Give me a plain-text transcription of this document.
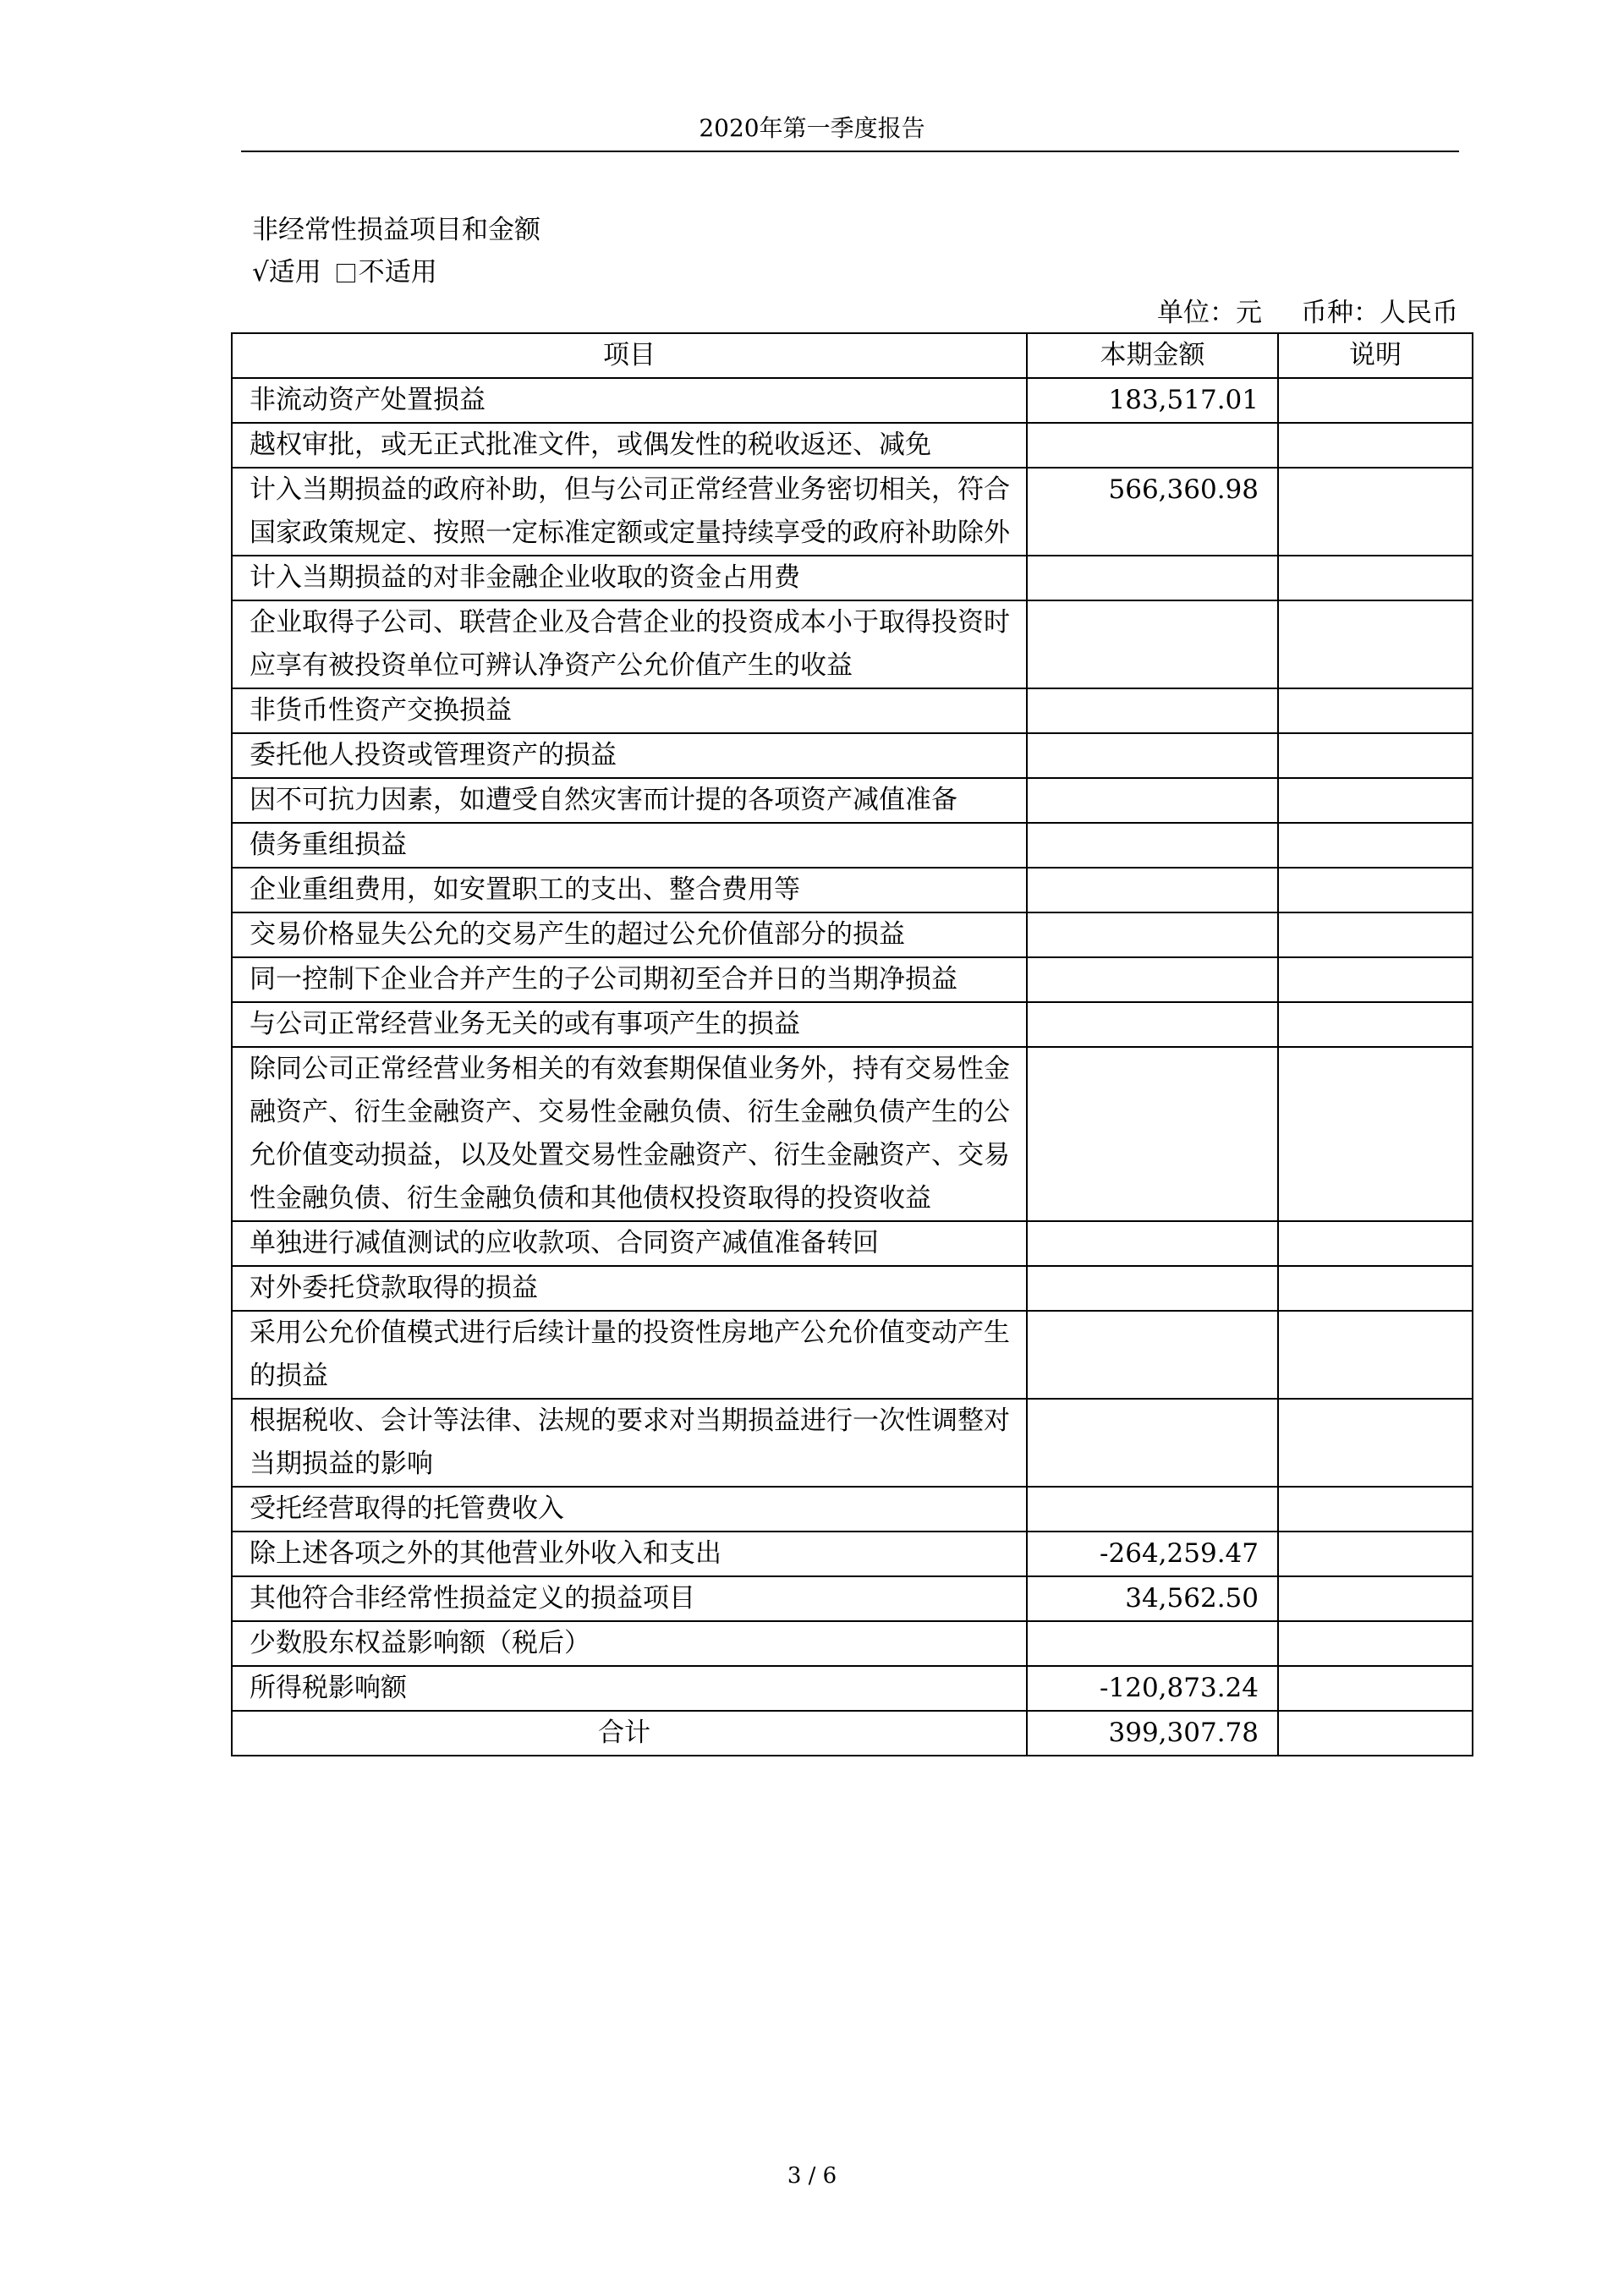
2020年第一季度报告
非经常性损益项目和金额
√适用 不适用
单位：元 币种：人民币
项目	本期金额	说明
非流动资产处置损益	183,517.01	
越权审批，或无正式批准文件，或偶发性的税收返还、减免		
计入当期损益的政府补助，但与公司正常经营业务密切相关，符合国家政策规定、按照一定标准定额或定量持续享受的政府补助除外	566,360.98	
计入当期损益的对非金融企业收取的资金占用费		
企业取得子公司、联营企业及合营企业的投资成本小于取得投资时应享有被投资单位可辨认净资产公允价值产生的收益		
非货币性资产交换损益		
委托他人投资或管理资产的损益		
因不可抗力因素，如遭受自然灾害而计提的各项资产减值准备		
债务重组损益		
企业重组费用，如安置职工的支出、整合费用等		
交易价格显失公允的交易产生的超过公允价值部分的损益		
同一控制下企业合并产生的子公司期初至合并日的当期净损益		
与公司正常经营业务无关的或有事项产生的损益		
除同公司正常经营业务相关的有效套期保值业务外，持有交易性金融资产、衍生金融资产、交易性金融负债、衍生金融负债产生的公允价值变动损益，以及处置交易性金融资产、衍生金融资产、交易性金融负债、衍生金融负债和其他债权投资取得的投资收益		
单独进行减值测试的应收款项、合同资产减值准备转回		
对外委托贷款取得的损益		
采用公允价值模式进行后续计量的投资性房地产公允价值变动产生的损益		
根据税收、会计等法律、法规的要求对当期损益进行一次性调整对当期损益的影响		
受托经营取得的托管费收入		
除上述各项之外的其他营业外收入和支出	-264,259.47	
其他符合非经常性损益定义的损益项目	34,562.50	
少数股东权益影响额（税后）		
所得税影响额	-120,873.24	
合计	399,307.78	
3 / 6
